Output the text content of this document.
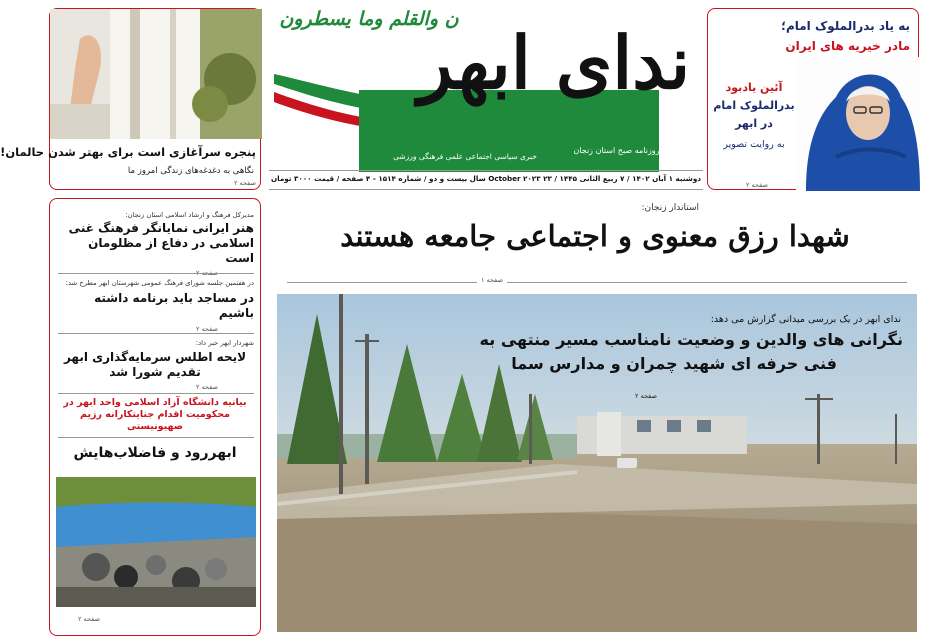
ن والقلم وما يسطرون
ندای ابهر
روزنامه صبح استان زنجان
خبری سیاسی اجتماعی علمی فرهنگی ورزشی
دوشنبه ۱ آبان ۱۴۰۲ / ۷ ربیع الثانی ۱۴۴۵ / ۲۳ October ۲۰۲۳
سال بیست و دو / شماره ۱۵۱۴ - ۴ صفحه / قیمت ۳۰۰۰ تومان
پنجره سرآغازی است برای بهتر شدن حالمان!
نگاهی به دغدغه‌های زندگی امروز ما
صفحه ۲
به یاد بدرالملوک امام؛
مادر خیریه های ایران
آئین یادبود
بدرالملوک امام
در ابهر
به روایت تصویر
صفحه ۲
استاندار زنجان:
شهدا رزق معنوی و اجتماعی جامعه هستند
صفحه ۱
ندای ابهر در یک بررسی میدانی گزارش می دهد:
نگرانی های والدین و وضعیت نامناسب مسیر منتهی به
فنی حرفه ای شهید چمران و مدارس سما
صفحه ۲
مدیرکل فرهنگ و ارشاد اسلامی استان زنجان:
هنر ایرانی نمایانگر فرهنگ غنی اسلامی در دفاع از مظلومان است
صفحه ۲
در هفتمین جلسه شورای فرهنگ عمومی شهرستان ابهر مطرح شد:
در مساجد باید برنامه داشته باشیم
صفحه ۲
شهردار ابهر خبر داد:
لایحه اطلس سرمایه‌گذاری ابهر تقدیم شورا شد
صفحه ۲
بیانیه دانشگاه آزاد اسلامی واحد ابهر در محکومیت اقدام جنایتکارانه رژیم صهیونیستی
ابهررود و فاضلاب‌هایش
صفحه ۲
